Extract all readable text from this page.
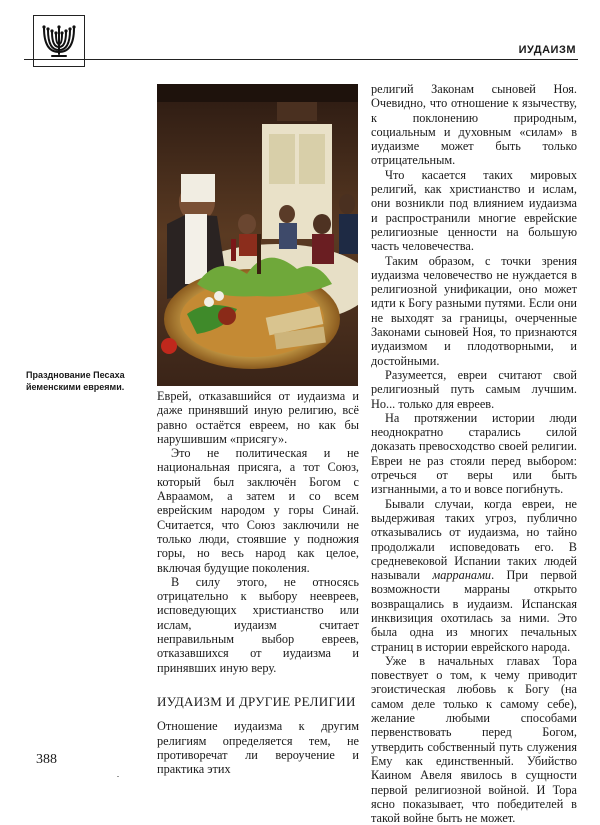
ИУДАИЗМ
Празднование Песаха
йеменскими евреями.

Еврей, отказавшийся от иудаизма и даже принявший иную религию, всё равно остаётся евреем, но как бы нарушившим «присягу».

Это не политическая и не национальная присяга, а тот Союз, который был заключён Богом с Авраамом, а затем и со всем еврейским народом у горы Синай. Считается, что Союз заключили не только люди, стоявшие у подножия горы, но весь народ как целое, включая будущие поколения.

В силу этого, не относясь отрицательно к выбору неевреев, исповедующих христианство или ислам, иудаизм считает неправильным выбор евреев, отказавшихся от иудаизма и принявших иную веру.

ИУДАИЗМ И ДРУГИЕ РЕЛИГИИ

Отношение иудаизма к другим религиям определяется тем, не противоречат ли вероучение и практика этих

религий Законам сыновей Ноя. Очевидно, что отношение к язычеству, к поклонению природным, социальным и духовным «силам» в иудаизме может быть только отрицательным.

Что касается таких мировых религий, как христианство и ислам, они возникли под влиянием иудаизма и распространили многие еврейские религиозные ценности на большую часть человечества.

Таким образом, с точки зрения иудаизма человечество не нуждается в религиозной унификации, оно может идти к Богу разными путями. Если они не выходят за границы, очерченные Законами сыновей Ноя, то признаются иудаизмом и плодотворными, и достойными.

Разумеется, евреи считают свой религиозный путь самым лучшим. Но... только для евреев.

На протяжении истории люди неоднократно старались силой доказать превосходство своей религии. Евреи не раз стояли перед выбором: отречься от веры или быть изгнанными, а то и вовсе погибнуть.

Бывали случаи, когда евреи, не выдерживая таких угроз, публично отказывались от иудаизма, но тайно продолжали исповедовать его. В средневековой Испании таких людей называли марранами. При первой возможности марраны открыто возвращались в иудаизм. Испанская инквизиция охотилась за ними. Это была одна из многих печальных страниц в истории еврейского народа.

Уже в начальных главах Тора повествует о том, к чему приводит эгоистическая любовь к Богу (на самом деле только к самому себе), желание любыми способами первенствовать перед Богом, утвердить собственный путь служения Ему как единственный. Убийство Каином Авеля явилось в сущности первой религиозной войной. И Тора ясно показывает, что победителей в такой войне быть не может.

388
